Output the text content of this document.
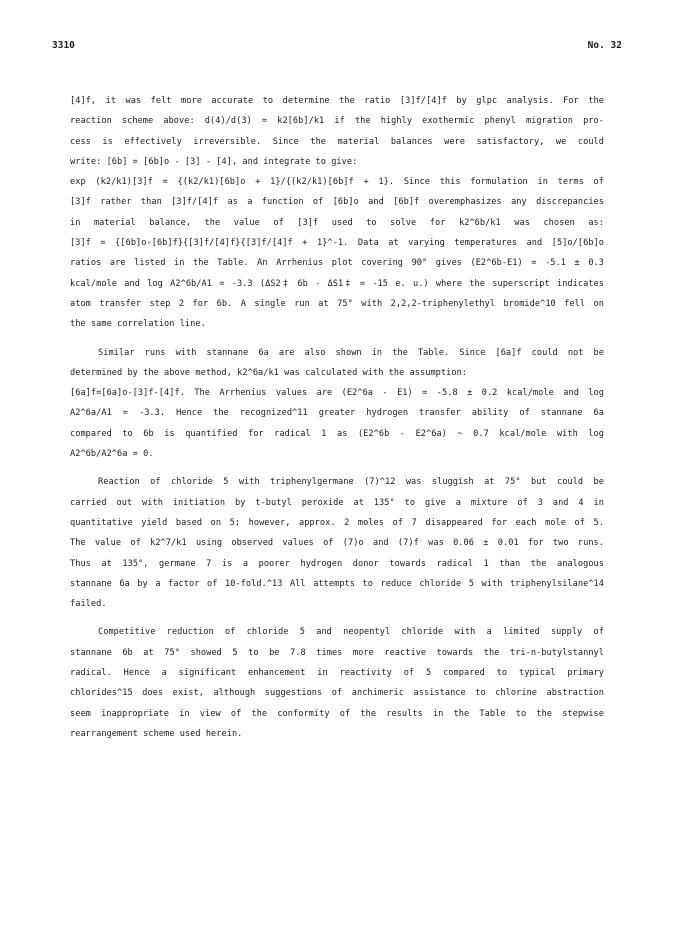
3310	No. 32
[4]f, it was felt more accurate to determine the ratio [3]f/[4]f by glpc analysis. For the
reaction scheme above: d(4)/d(3) = k2[6b]/k1 if the highly exothermic phenyl migration pro-
cess is effectively irreversible. Since the material balances were satisfactory, we could
write: [6b] = [6b]o - [3] - [4], and integrate to give:
exp (k2/k1)[3]f = {(k2/k1)[6b]o + 1}/{(k2/k1)[6b]f + 1}. Since this formulation in terms of
[3]f rather than [3]f/[4]f as a function of [6b]o and [6b]f overemphasizes any discrepancies
in material balance, the value of [3]f used to solve for k2^6b/k1 was chosen as:
[3]f = {[6b]o-[6b]f}{[3]f/[4]f}{[3]f/[4]f + 1}^-1. Data at varying temperatures and [5]o/[6b]o
ratios are listed in the Table. An Arrhenius plot covering 90° gives (E2^6b-E1) = -5.1 ± 0.3
kcal/mole and log A2^6b/A1 = -3.3 (ΔS2‡ 6b - ΔS1‡ = -15 e. u.) where the superscript indicates
atom transfer step 2 for 6b. A single run at 75° with 2,2,2-triphenylethyl bromide^10 fell on
the same correlation line.
Similar runs with stannane 6a are also shown in the Table. Since [6a]f could not be
determined by the above method, k2^6a/k1 was calculated with the assumption:
[6a]f=[6a]o-[3]f-[4]f. The Arrhenius values are (E2^6a - E1) = -5.8 ± 0.2 kcal/mole and log
A2^6a/A1 = -3.3. Hence the recognized^11 greater hydrogen transfer ability of stannane 6a
compared to 6b is quantified for radical 1 as (E2^6b - E2^6a) ~ 0.7 kcal/mole with log
A2^6b/A2^6a = 0.
Reaction of chloride 5 with triphenylgermane (7)^12 was sluggish at 75° but could be
carried out with initiation by t-butyl peroxide at 135° to give a mixture of 3 and 4 in
quantitative yield based on 5; however, approx. 2 moles of 7 disappeared for each mole of 5.
The value of k2^7/k1 using observed values of (7)o and (7)f was 0.06 ± 0.01 for two runs.
Thus at 135°, germane 7 is a poorer hydrogen donor towards radical 1 than the analogous
stannane 6a by a factor of 10-fold.^13 All attempts to reduce chloride 5 with triphenylsilane^14
failed.
Competitive reduction of chloride 5 and neopentyl chloride with a limited supply of
stannane 6b at 75° showed 5 to be 7.8 times more reactive towards the tri-n-butylstannyl
radical. Hence a significant enhancement in reactivity of 5 compared to typical primary
chlorides^15 does exist, although suggestions of anchimeric assistance to chlorine abstraction
seem inappropriate in view of the conformity of the results in the Table to the stepwise
rearrangement scheme used herein.
